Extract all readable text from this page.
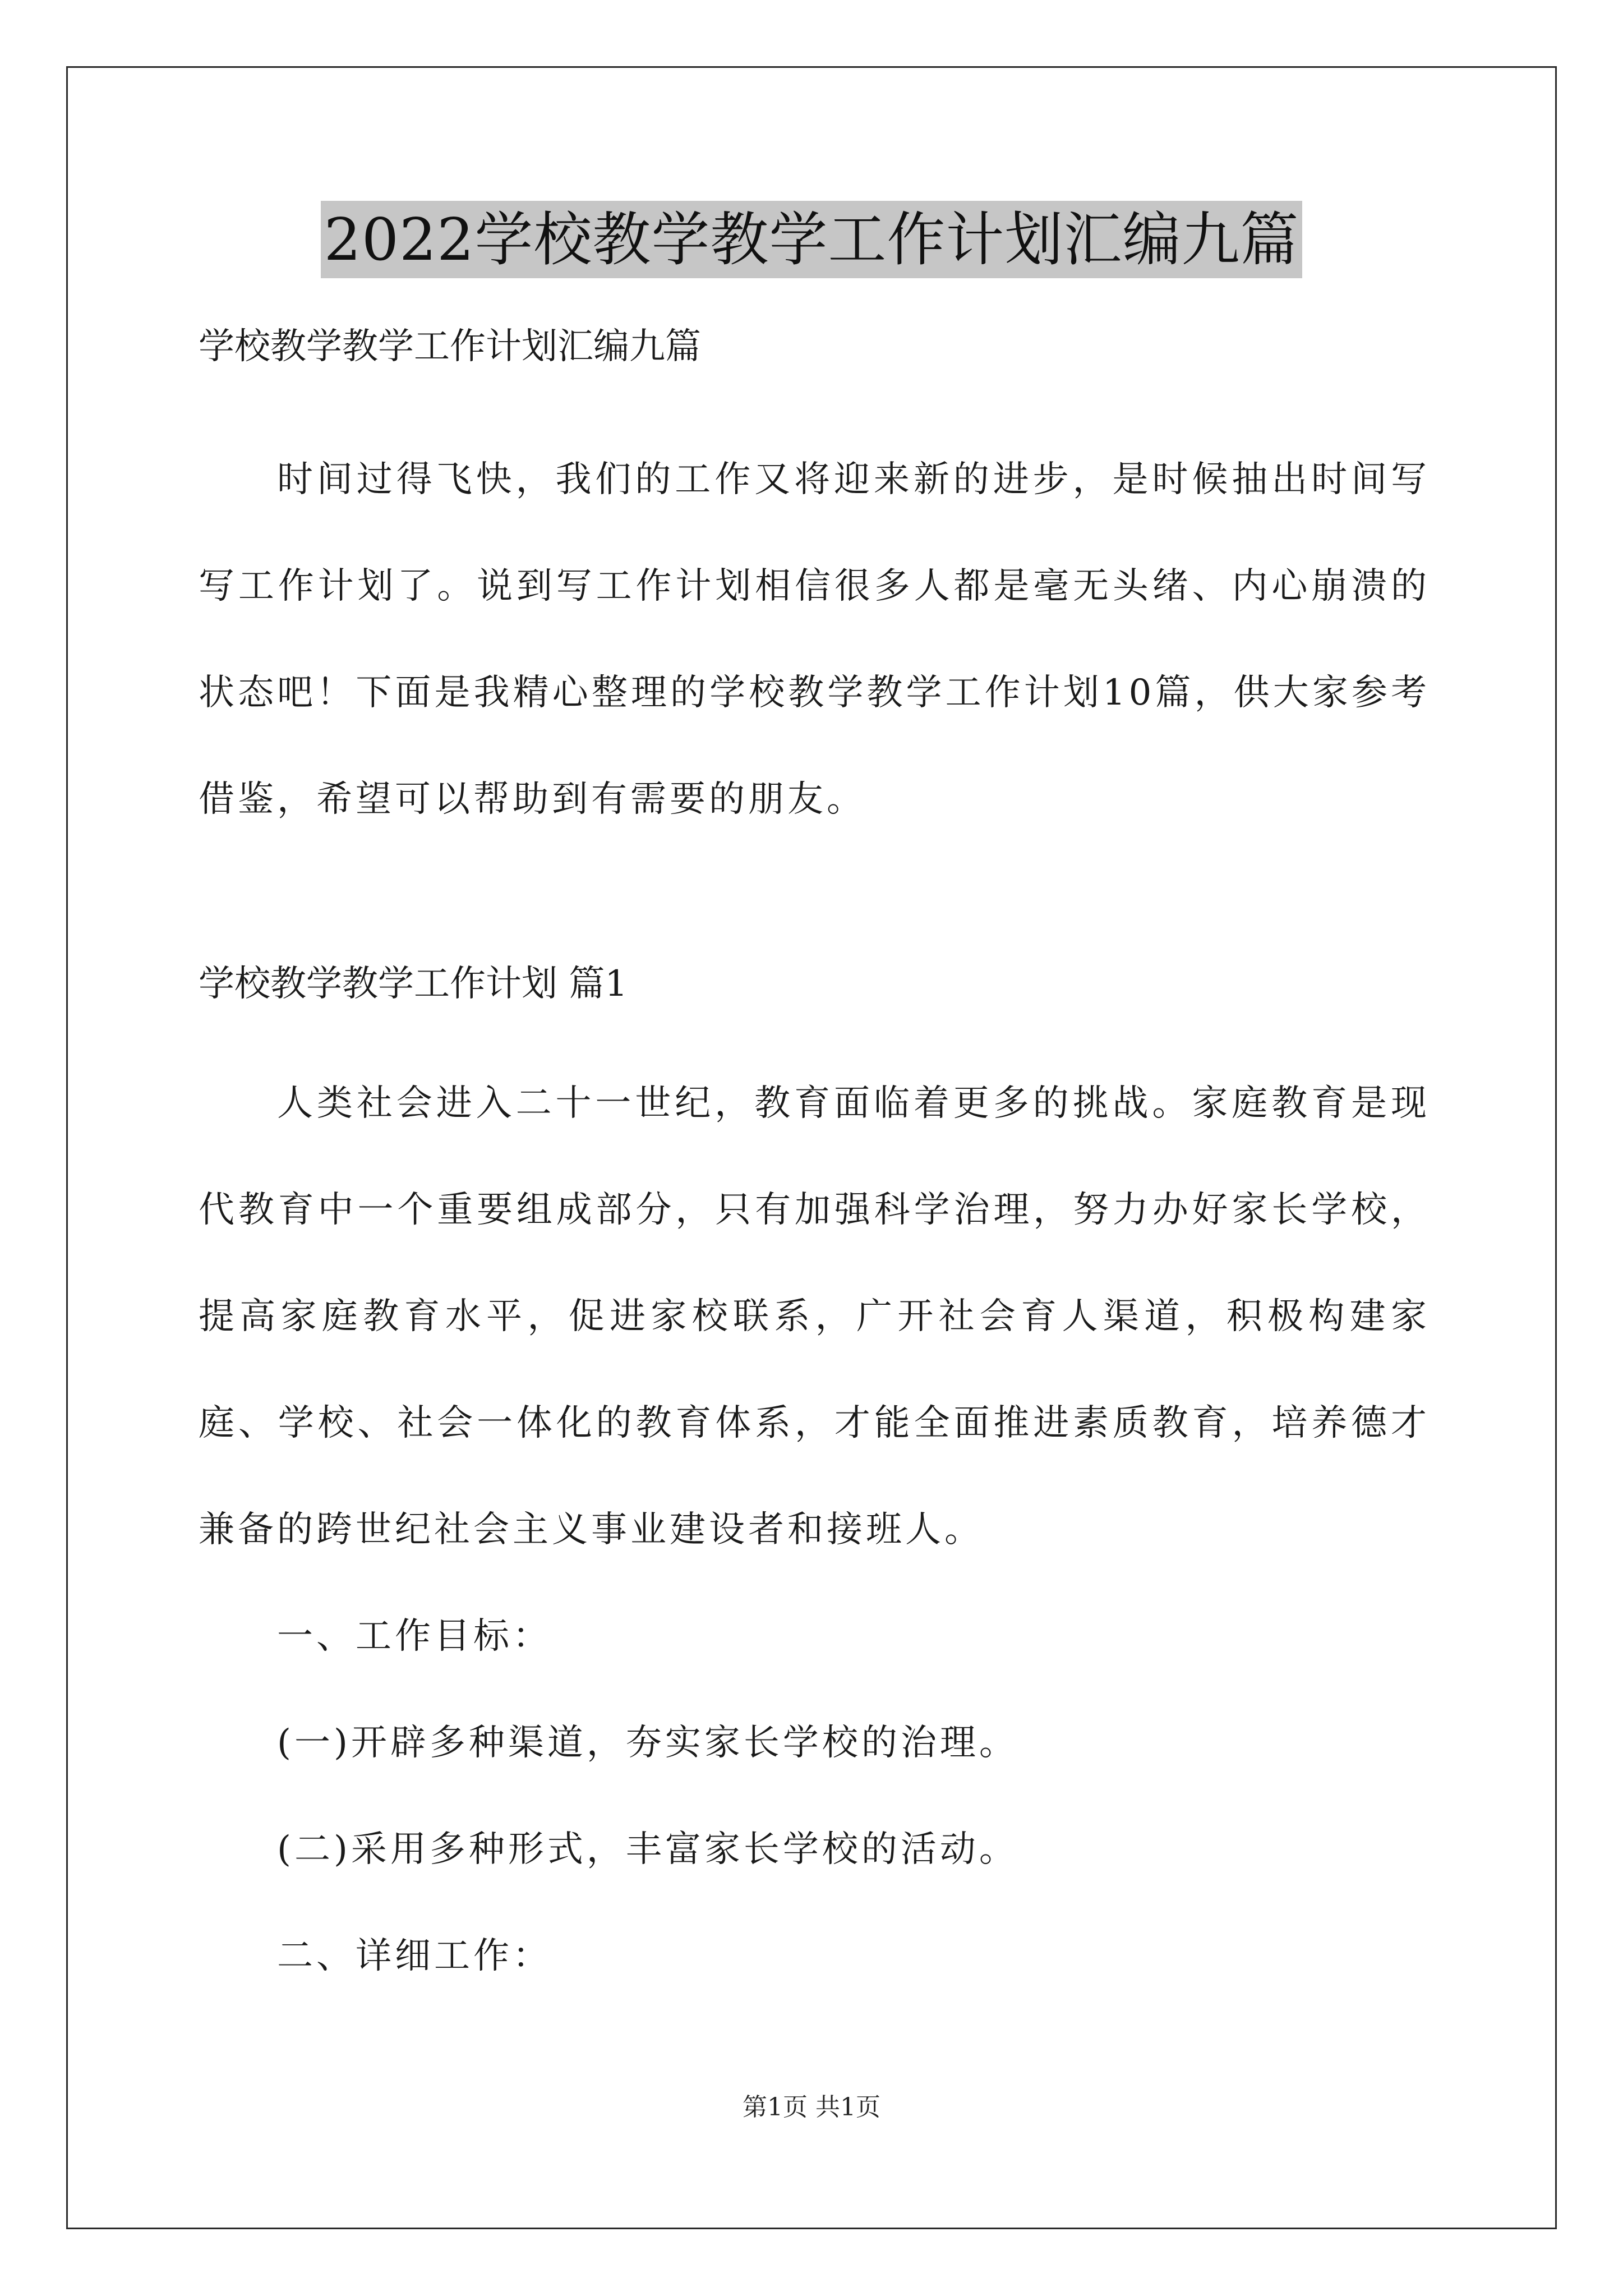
2022学校教学教学工作计划汇编九篇
学校教学教学工作计划汇编九篇

时间过得飞快，我们的工作又将迎来新的进步，是时候抽出时间写写工作计划了。说到写工作计划相信很多人都是毫无头绪、内心崩溃的状态吧！下面是我精心整理的学校教学教学工作计划10篇，供大家参考借鉴，希望可以帮助到有需要的朋友。

学校教学教学工作计划 篇1

人类社会进入二十一世纪，教育面临着更多的挑战。家庭教育是现代教育中一个重要组成部分，只有加强科学治理，努力办好家长学校，提高家庭教育水平，促进家校联系，广开社会育人渠道，积极构建家庭、学校、社会一体化的教育体系，才能全面推进素质教育，培养德才兼备的跨世纪社会主义事业建设者和接班人。

一、工作目标：

(一)开辟多种渠道，夯实家长学校的治理。

(二)采用多种形式，丰富家长学校的活动。

二、详细工作：

第1页 共1页
